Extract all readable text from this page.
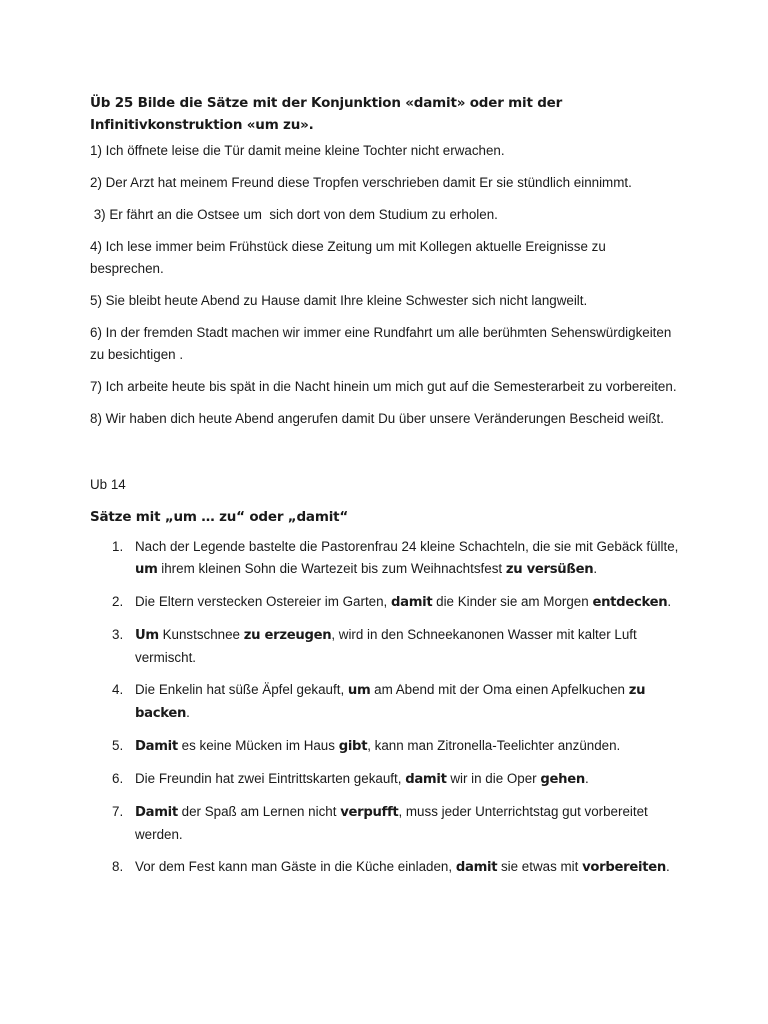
Üb 25 Bilde die Sätze mit der Konjunktion «damit» oder mit der Infinitivkonstruktion «um zu».

1) Ich öffnete leise die Tür damit meine kleine Tochter nicht erwachen.

2) Der Arzt hat meinem Freund diese Tropfen verschrieben damit Er sie stündlich einnimmt.

3) Er fährt an die Ostsee um  sich dort von dem Studium zu erholen.

4) Ich lese immer beim Frühstück diese Zeitung um mit Kollegen aktuelle Ereignisse zu besprechen.

5) Sie bleibt heute Abend zu Hause damit Ihre kleine Schwester sich nicht langweilt.

6) In der fremden Stadt machen wir immer eine Rundfahrt um alle berühmten Sehenswürdigkeiten zu besichtigen .

7) Ich arbeite heute bis spät in die Nacht hinein um mich gut auf die Semesterarbeit zu vorbereiten.

8) Wir haben dich heute Abend angerufen damit Du über unsere Veränderungen Bescheid weißt.

Ub 14

Sätze mit „um … zu“ oder „damit“
1. Nach der Legende bastelte die Pastorenfrau 24 kleine Schachteln, die sie mit Gebäck füllte, um ihrem kleinen Sohn die Wartezeit bis zum Weihnachtsfest zu versüßen.
2. Die Eltern verstecken Ostereier im Garten, damit die Kinder sie am Morgen entdecken.
3. Um Kunstschnee zu erzeugen, wird in den Schneekanonen Wasser mit kalter Luft vermischt.
4. Die Enkelin hat süße Äpfel gekauft, um am Abend mit der Oma einen Apfelkuchen zu backen.
5. Damit es keine Mücken im Haus gibt, kann man Zitronella-Teelichter anzünden.
6. Die Freundin hat zwei Eintrittskarten gekauft, damit wir in die Oper gehen.
7. Damit der Spaß am Lernen nicht verpufft, muss jeder Unterrichtstag gut vorbereitet werden.
8. Vor dem Fest kann man Gäste in die Küche einladen, damit sie etwas mit vorbereiten.
